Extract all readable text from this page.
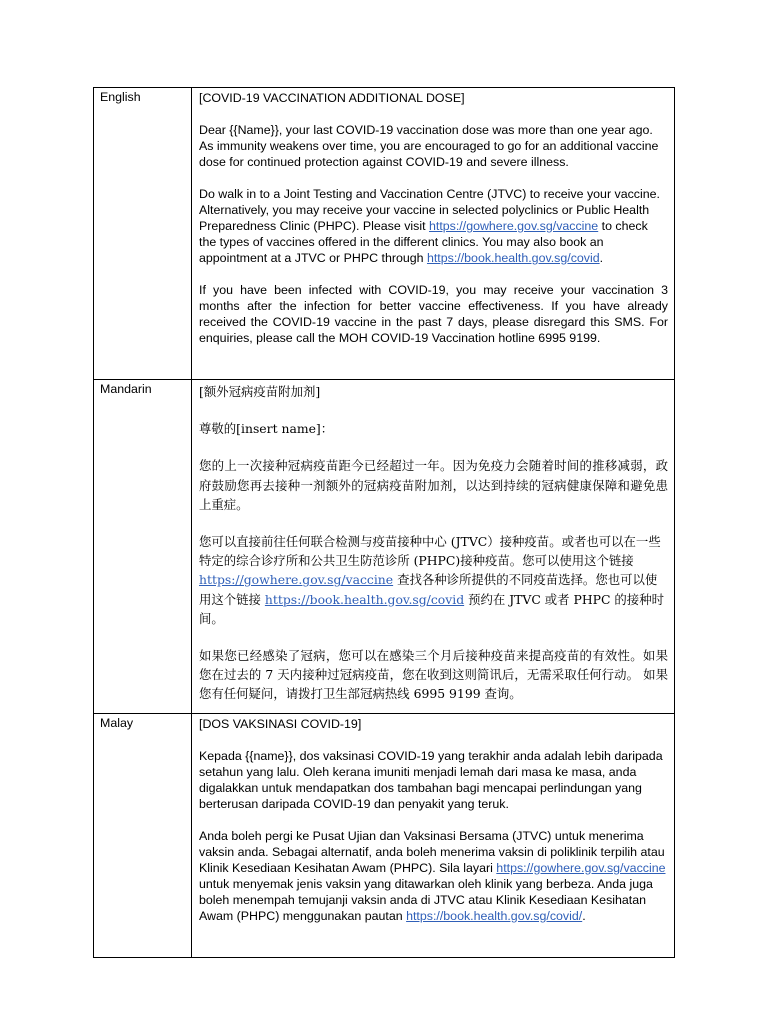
English	[COVID-19 VACCINATION ADDITIONAL DOSE]

Dear {{Name}}, your last COVID-19 vaccination dose was more than one year ago. As immunity weakens over time, you are encouraged to go for an additional vaccine dose for continued protection against COVID-19 and severe illness.

Do walk in to a Joint Testing and Vaccination Centre (JTVC) to receive your vaccine. Alternatively, you may receive your vaccine in selected polyclinics or Public Health Preparedness Clinic (PHPC). Please visit https://gowhere.gov.sg/vaccine to check the types of vaccines offered in the different clinics. You may also book an appointment at a JTVC or PHPC through https://book.health.gov.sg/covid.

If you have been infected with COVID-19, you may receive your vaccination 3 months after the infection for better vaccine effectiveness. If you have already received the COVID-19 vaccine in the past 7 days, please disregard this SMS. For enquiries, please call the MOH COVID-19 Vaccination hotline 6995 9199.

Mandarin	[额外冠病疫苗附加剂]

尊敬的[insert name]：

您的上一次接种冠病疫苗距今已经超过一年。因为免疫力会随着时间的推移减弱，政府鼓励您再去接种一剂额外的冠病疫苗附加剂，以达到持续的冠病健康保障和避免患上重症。

您可以直接前往任何联合检测与疫苗接种中心 (JTVC）接种疫苗。或者也可以在一些特定的综合诊疗所和公共卫生防范诊所 (PHPC)接种疫苗。您可以使用这个链接 https://gowhere.gov.sg/vaccine 查找各种诊所提供的不同疫苗选择。您也可以使用这个链接 https://book.health.gov.sg/covid 预约在 JTVC 或者 PHPC 的接种时间。

如果您已经感染了冠病，您可以在感染三个月后接种疫苗来提高疫苗的有效性。如果您在过去的 7 天内接种过冠病疫苗，您在收到这则简讯后，无需采取任何行动。 如果您有任何疑问，请拨打卫生部冠病热线 6995 9199 查询。

Malay	[DOS VAKSINASI COVID-19]

Kepada {{name}}, dos vaksinasi COVID-19 yang terakhir anda adalah lebih daripada setahun yang lalu. Oleh kerana imuniti menjadi lemah dari masa ke masa, anda digalakkan untuk mendapatkan dos tambahan bagi mencapai perlindungan yang berterusan daripada COVID-19 dan penyakit yang teruk.

Anda boleh pergi ke Pusat Ujian dan Vaksinasi Bersama (JTVC) untuk menerima vaksin anda. Sebagai alternatif, anda boleh menerima vaksin di poliklinik terpilih atau Klinik Kesediaan Kesihatan Awam (PHPC). Sila layari https://gowhere.gov.sg/vaccine untuk menyemak jenis vaksin yang ditawarkan oleh klinik yang berbeza. Anda juga boleh menempah temujanji vaksin anda di JTVC atau Klinik Kesediaan Kesihatan Awam (PHPC) menggunakan pautan https://book.health.gov.sg/covid/.
